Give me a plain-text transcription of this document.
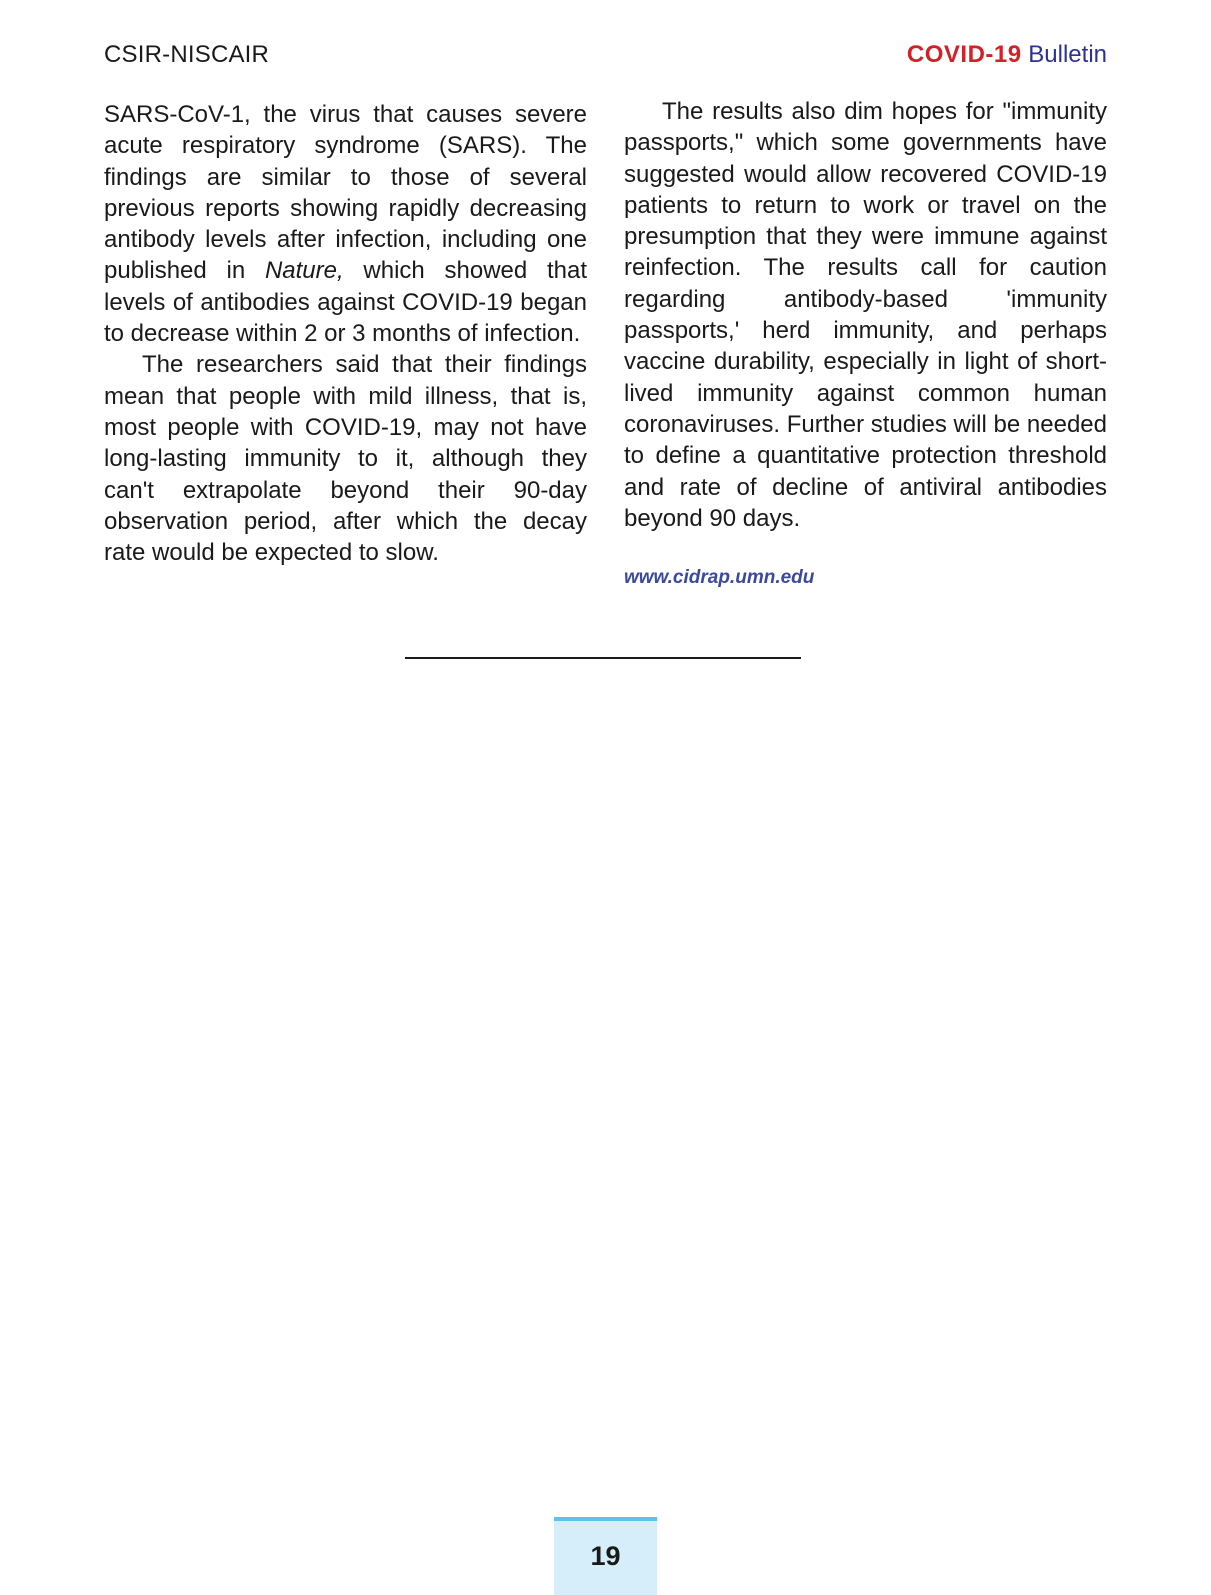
CSIR-NISCAIR	COVID-19 Bulletin

SARS-CoV-1, the virus that causes severe acute respiratory syndrome (SARS). The findings are similar to those of several previous reports showing rapidly decreasing antibody levels after infection, including one published in Nature, which showed that levels of antibodies against COVID-19 began to decrease within 2 or 3 months of infection.

The researchers said that their findings mean that people with mild illness, that is, most people with COVID-19, may not have long-lasting immunity to it, although they can't extrapolate beyond their 90-day observation period, after which the decay rate would be expected to slow.

The results also dim hopes for "immunity passports," which some governments have suggested would allow recovered COVID-19 patients to return to work or travel on the presumption that they were immune against reinfection. The results call for caution regarding antibody-based 'immunity passports,' herd immunity, and perhaps vaccine durability, especially in light of short-lived immunity against common human coronaviruses. Further studies will be needed to define a quantitative protection threshold and rate of decline of antiviral antibodies beyond 90 days.

www.cidrap.umn.edu
19
